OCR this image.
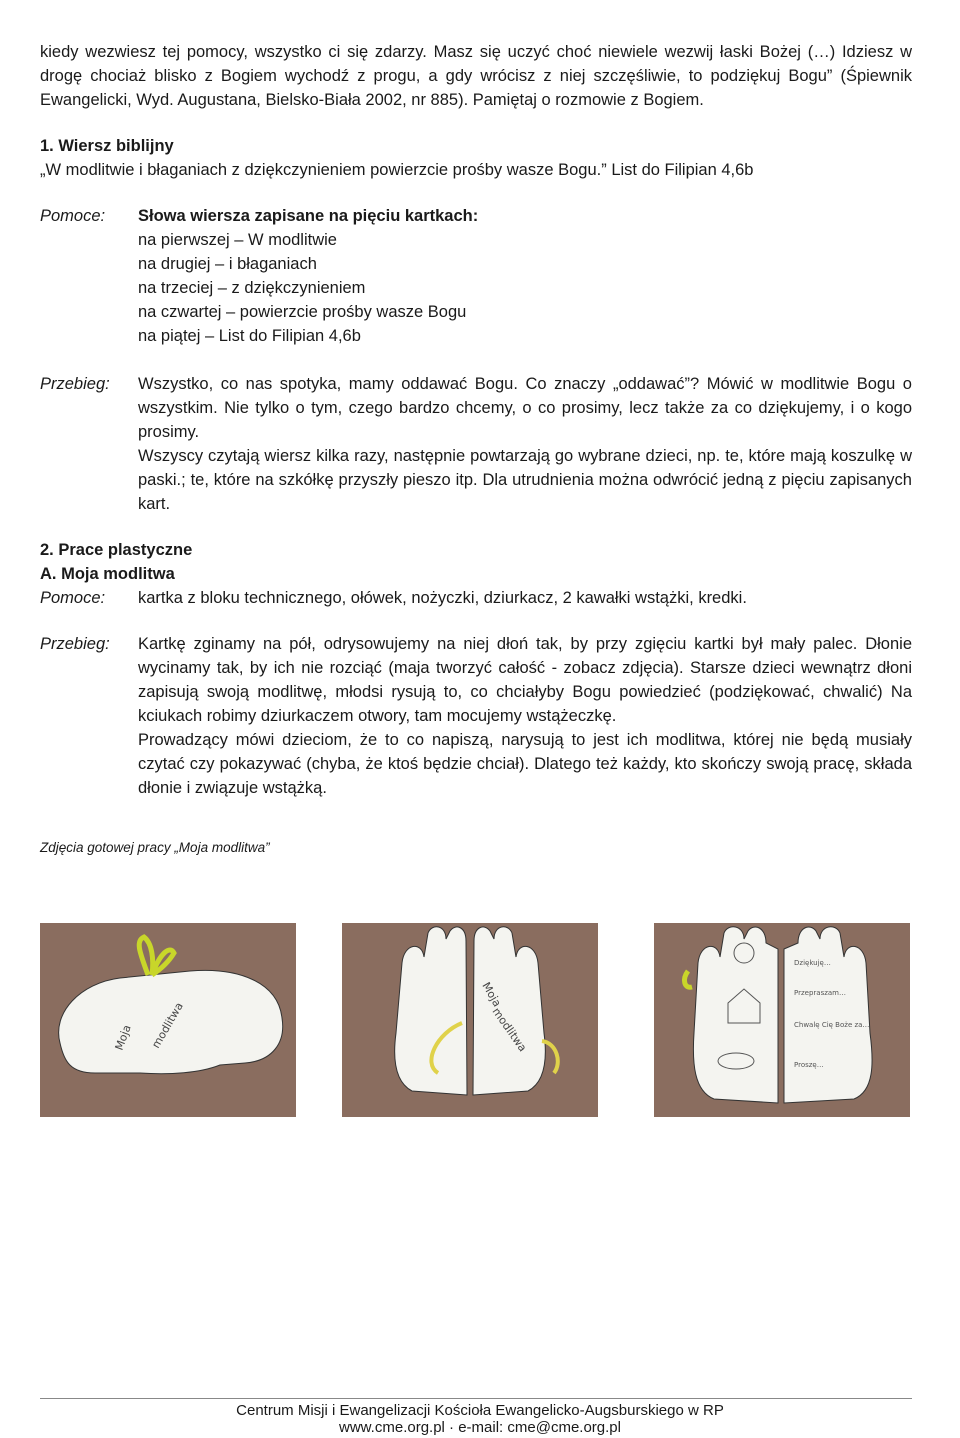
kiedy wezwiesz tej pomocy, wszystko ci się zdarzy. Masz się uczyć choć niewiele wezwij łaski Bożej (…) Idziesz w drogę chociaż blisko z Bogiem wychodź z progu, a gdy wrócisz z niej szczęśliwie, to podziękuj Bogu” (Śpiewnik Ewangelicki, Wyd. Augustana, Bielsko-Biała 2002, nr 885). Pamiętaj o rozmowie z Bogiem.

1. Wiersz biblijny

„W modlitwie i błaganiach z dziękczynieniem powierzcie prośby wasze Bogu.” List do Filipian 4,6b

Pomoce:	Słowa wiersza zapisane na pięciu kartkach:

na pierwszej – W modlitwie

na drugiej – i błaganiach

na trzeciej – z dziękczynieniem

na czwartej – powierzcie prośby wasze Bogu

na piątej – List do Filipian 4,6b

Przebieg:	Wszystko, co nas spotyka, mamy oddawać Bogu. Co znaczy „oddawać”? Mówić w modlitwie Bogu o wszystkim. Nie tylko o tym, czego bardzo chcemy, o co prosimy, lecz także za co dziękujemy, i o kogo prosimy.

Wszyscy czytają wiersz kilka razy, następnie powtarzają go wybrane dzieci, np. te, które mają koszulkę w paski.; te, które na szkółkę przyszły pieszo itp. Dla utrudnienia można odwrócić jedną z pięciu zapisanych kart.

2. Prace plastyczne

A. Moja modlitwa

Pomoce:	kartka z bloku technicznego, ołówek, nożyczki, dziurkacz, 2 kawałki wstążki, kredki.

Przebieg:	Kartkę zginamy na pół, odrysowujemy na niej dłoń tak, by przy zgięciu kartki był mały palec. Dłonie wycinamy tak, by ich nie rozciąć (maja tworzyć całość - zobacz zdjęcia). Starsze dzieci wewnątrz dłoni zapisują swoją modlitwę, młodsi rysują to, co chciałyby Bogu powiedzieć (podziękować, chwalić) Na kciukach robimy dziurkaczem otwory, tam mocujemy wstążeczkę.

Prowadzący mówi dzieciom, że to co napiszą, narysują to jest ich modlitwa, której nie będą musiały czytać czy pokazywać (chyba, że ktoś będzie chciał). Dlatego też każdy, kto skończy swoją pracę, składa dłonie i związuje wstążką.

Zdjęcia gotowej pracy „Moja modlitwa”

Moja modlitwa
Moja
modlitwa
Dziękuję…
Przepraszam…
Chwalę Cię Boże za…
Proszę…
Centrum Misji i Ewangelizacji Kościoła Ewangelicko-Augsburskiego w RP
www.cme.org.pl · e-mail: cme@cme.org.pl
